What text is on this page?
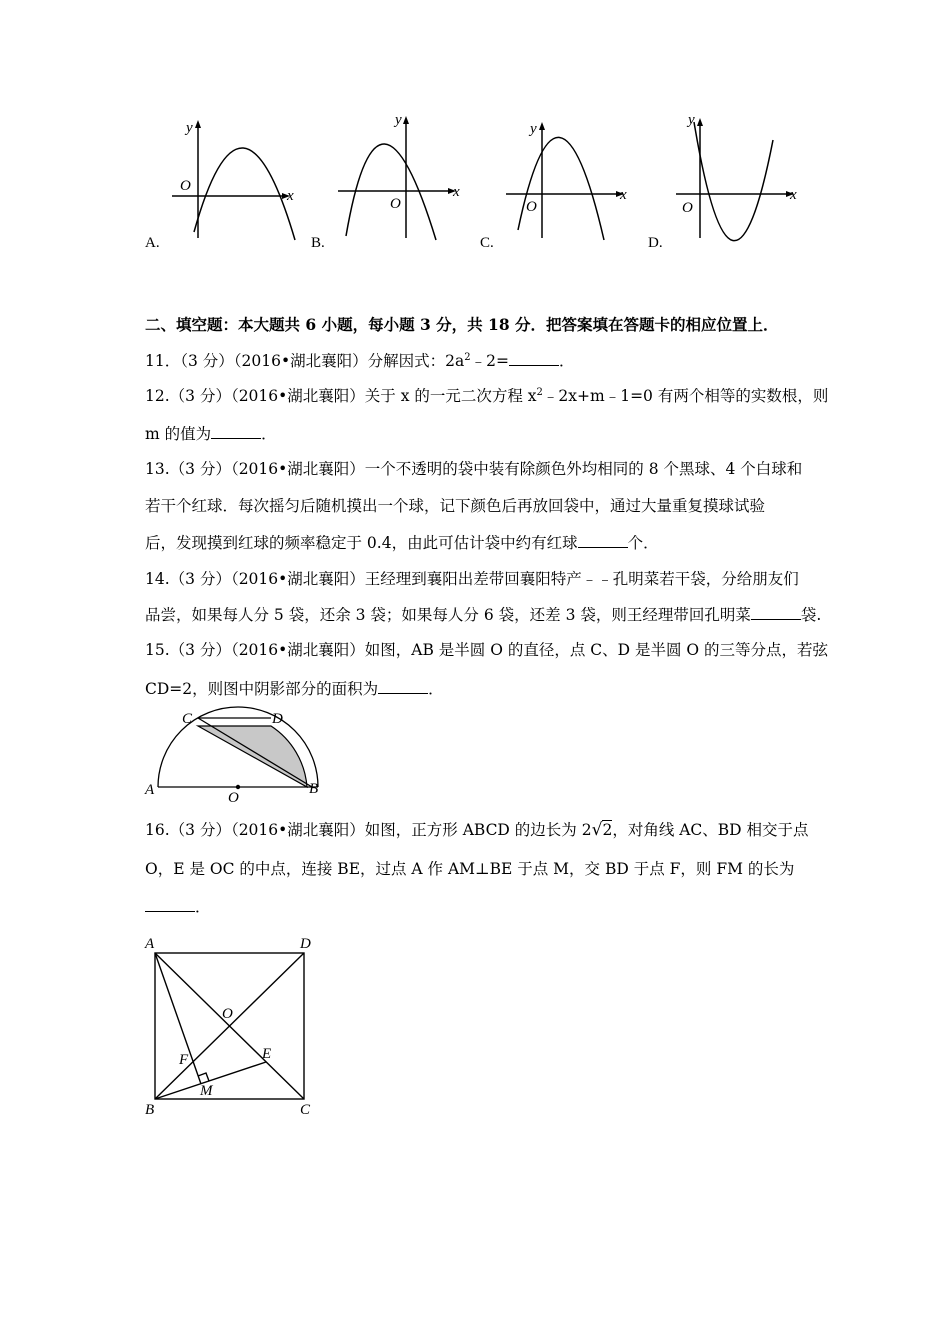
y
x
O
y
x
O
y
x
O
y
x
O
A.	B.	C.	D.
二、填空题：本大题共 6 小题，每小题 3 分，共 18 分．把答案填在答题卡的相应位置上．
11．（3 分）（2016•湖北襄阳）分解因式：$2a^2﹣2=$	．
12.（3 分）（2016•湖北襄阳）关于 x 的一元二次方程 $x^2﹣2x+m﹣1=0$ 有两个相等的实数根，则
m 的值为	．
13.（3 分）（2016•湖北襄阳）一个不透明的袋中装有除颜色外均相同的 8 个黑球、4 个白球和
若干个红球．每次摇匀后随机摸出一个球，记下颜色后再放回袋中，通过大量重复摸球试验
后，发现摸到红球的频率稳定于 0.4，由此可估计袋中约有红球	个．
14.（3 分）（2016•湖北襄阳）王经理到襄阳出差带回襄阳特产﹣﹣孔明菜若干袋，分给朋友们
品尝，如果每人分 5 袋，还余 3 袋；如果每人分 6 袋，还差 3 袋，则王经理带回孔明菜	袋.
15.（3 分）（2016•湖北襄阳）如图，AB 是半圆 O 的直径，点 C、D 是半圆 O 的三等分点，若弦
CD=2，则图中阴影部分的面积为	．
C	D
A	B
O
16.（3 分）（2016•湖北襄阳）如图，正方形 ABCD 的边长为 2√2，对角线 AC、BD 相交于点
O，E 是 OC 的中点，连接 BE，过点 A 作 AM⊥BE 于点 M，交 BD 于点 F，则 FM 的长为
．
A	D
B	C
O
E
F
M
